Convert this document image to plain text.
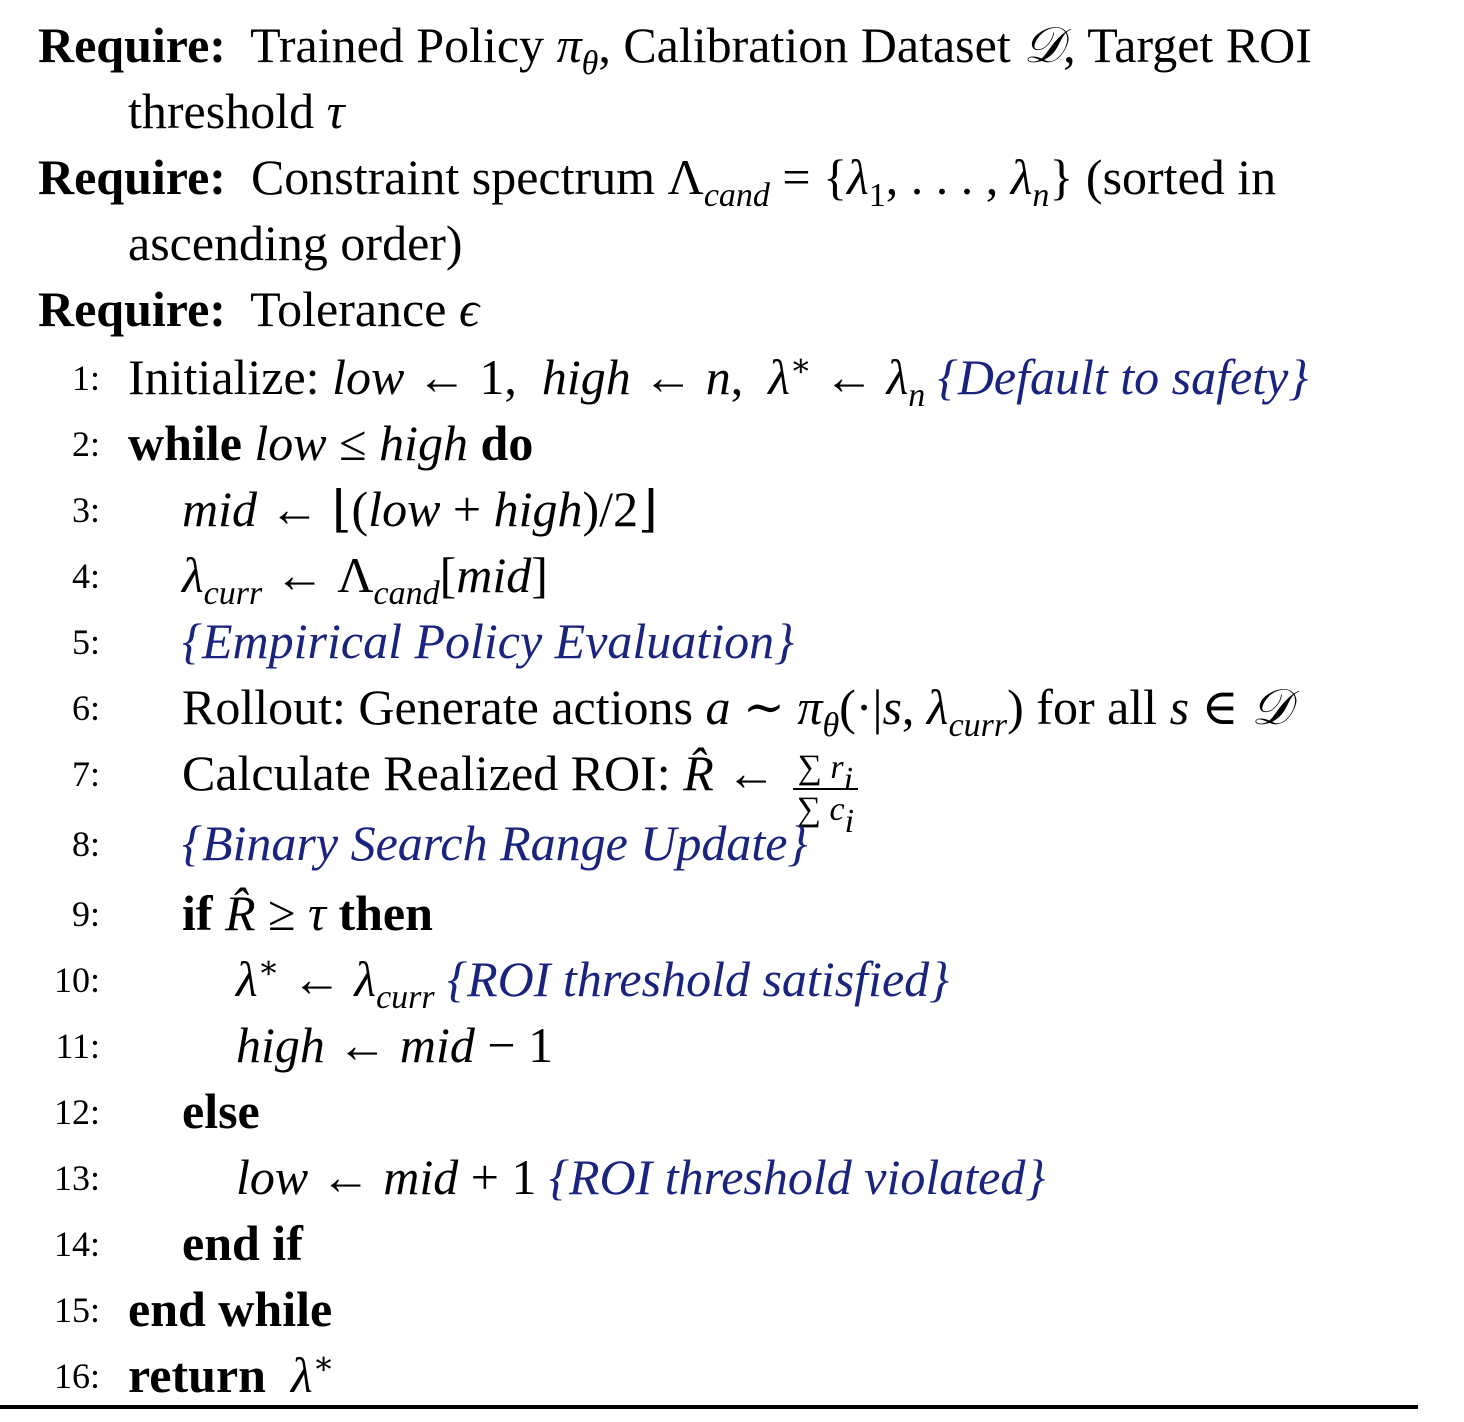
Require: Trained Policy $\pi_\theta$, Calibration Dataset 𝒟, Target ROI
threshold τ
Require: Constraint spectrum $\Lambda_{cand} = \{\lambda_1$, . . . , $\lambda_n$} (sorted in
ascending order)
Require: Tolerance ϵ
1:
2:
3:
4:
5:
6:
7:
8:
9:
10:
11:
12:
13:
14:
15:
16:
Initialize: low ← 1,  high ← n,  λ∗ ← $\lambda_n$ {Default to safety}
while low ≤ high do
mid ← ⌊(low + high)/2⌋
$\lambda_{curr}$ ← $\Lambda_{cand}[mid]$
{Empirical Policy Evaluation}
Rollout: Generate actions a ∼ $\pi_\theta(\cdot|s$, $\lambda_{curr}$) for all s ∈ 𝒟
Calculate Realized ROI: R̂ ← $\frac{\sum r_i}{\sum c_i}$
{Binary Search Range Update}
if R̂ ≥ τ then
λ∗ ← $\lambda_{curr}$ {ROI threshold satisfied}
high ← mid − 1
else
low ← mid + 1 {ROI threshold violated}
end if
end while
return λ∗
